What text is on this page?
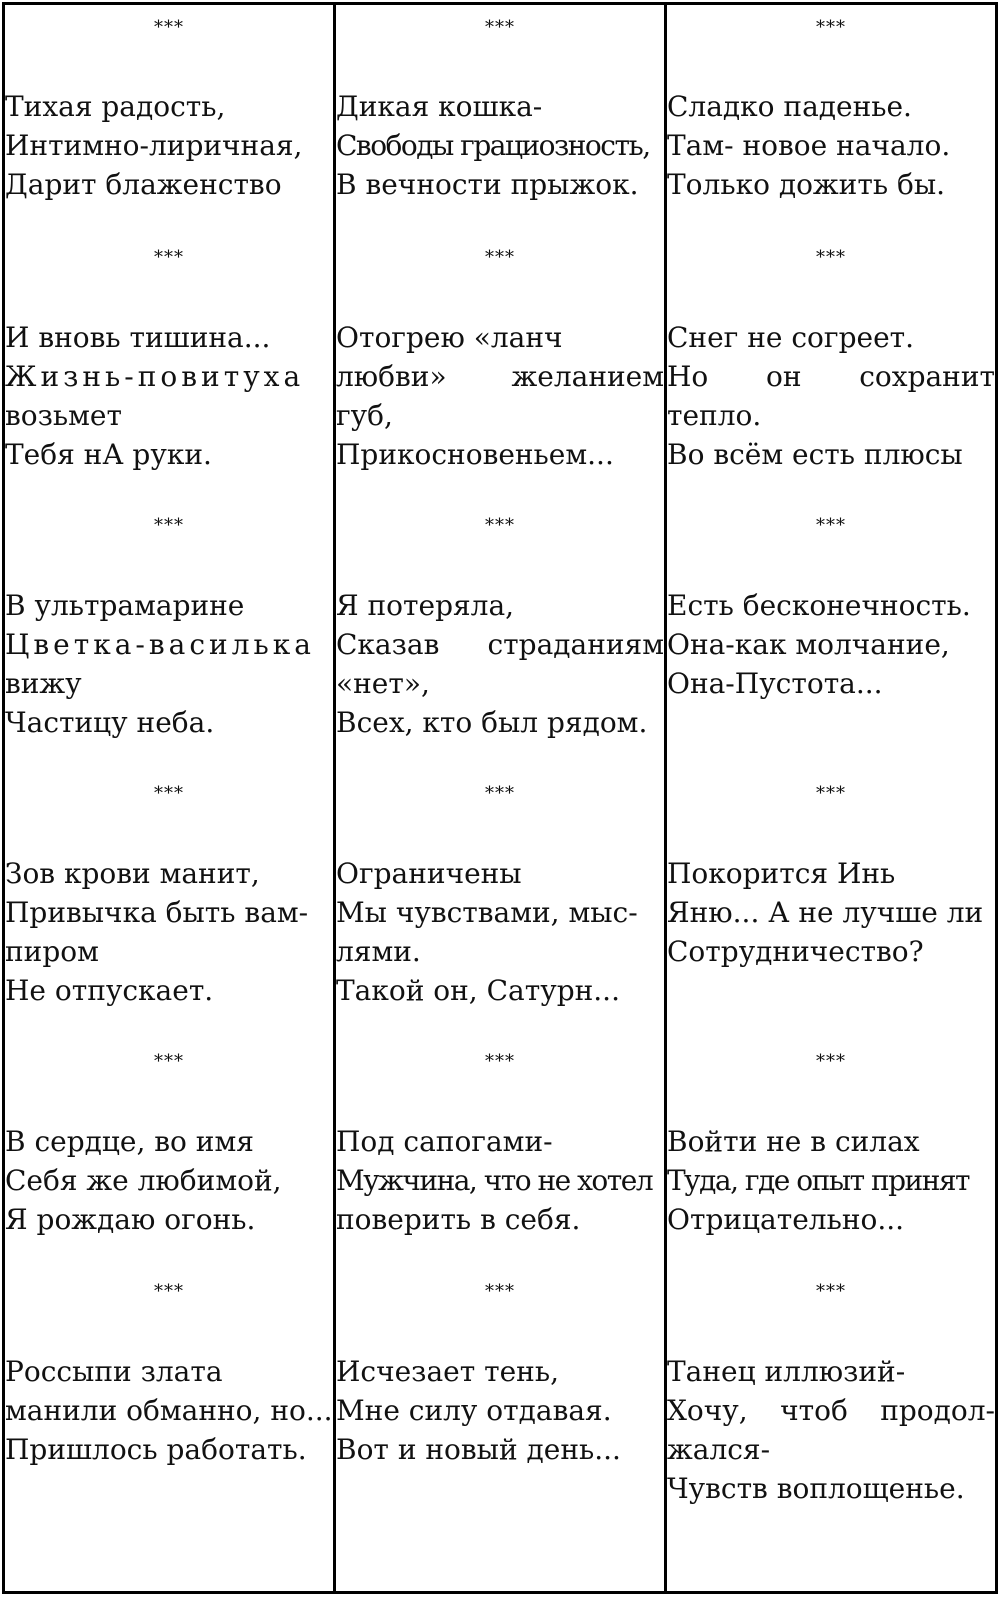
***
Тихая радость,
Интимно-лиричная,
Дарит блаженство
***
И вновь тишина...
Жизнь-повитуха
возьмет
Тебя нА руки.
***
В ультрамарине
Цветка-василька
вижу
Частицу неба.
***
Зов крови манит,
Привычка быть вам-
пиром
Не отпускает.
***
В сердце, во имя
Себя же любимой,
Я рождаю огонь.
***
Россыпи злата
манили обманно, но...
Пришлось работать.
***
Дикая кошка-
Свободы грациозность,
В вечности прыжок.
***
Отогрею «ланч
любви» желанием
губ,
Прикосновеньем...
***
Я потеряла,
Сказав страданиям
«нет»,
Всех, кто был рядом.
***
Ограничены
Мы чувствами, мыс-
лями.
Такой он, Сатурн...
***
Под сапогами-
Мужчина, что не хотел
поверить в себя.
***
Исчезает тень,
Мне силу отдавая.
Вот и новый день...
***
Сладко паденье.
Там- новое начало.
Только дожить бы.
***
Снег не согреет.
Но он сохранит
тепло.
Во всём есть плюсы
***
Есть бесконечность.
Она-как молчание,
Она-Пустота...
***
Покорится Инь
Яню... А не лучше ли
Сотрудничество?
***
Войти не в силах
Туда, где опыт принят
Отрицательно...
***
Танец иллюзий-
Хочу, чтоб продол-
жался-
Чувств воплощенье.
